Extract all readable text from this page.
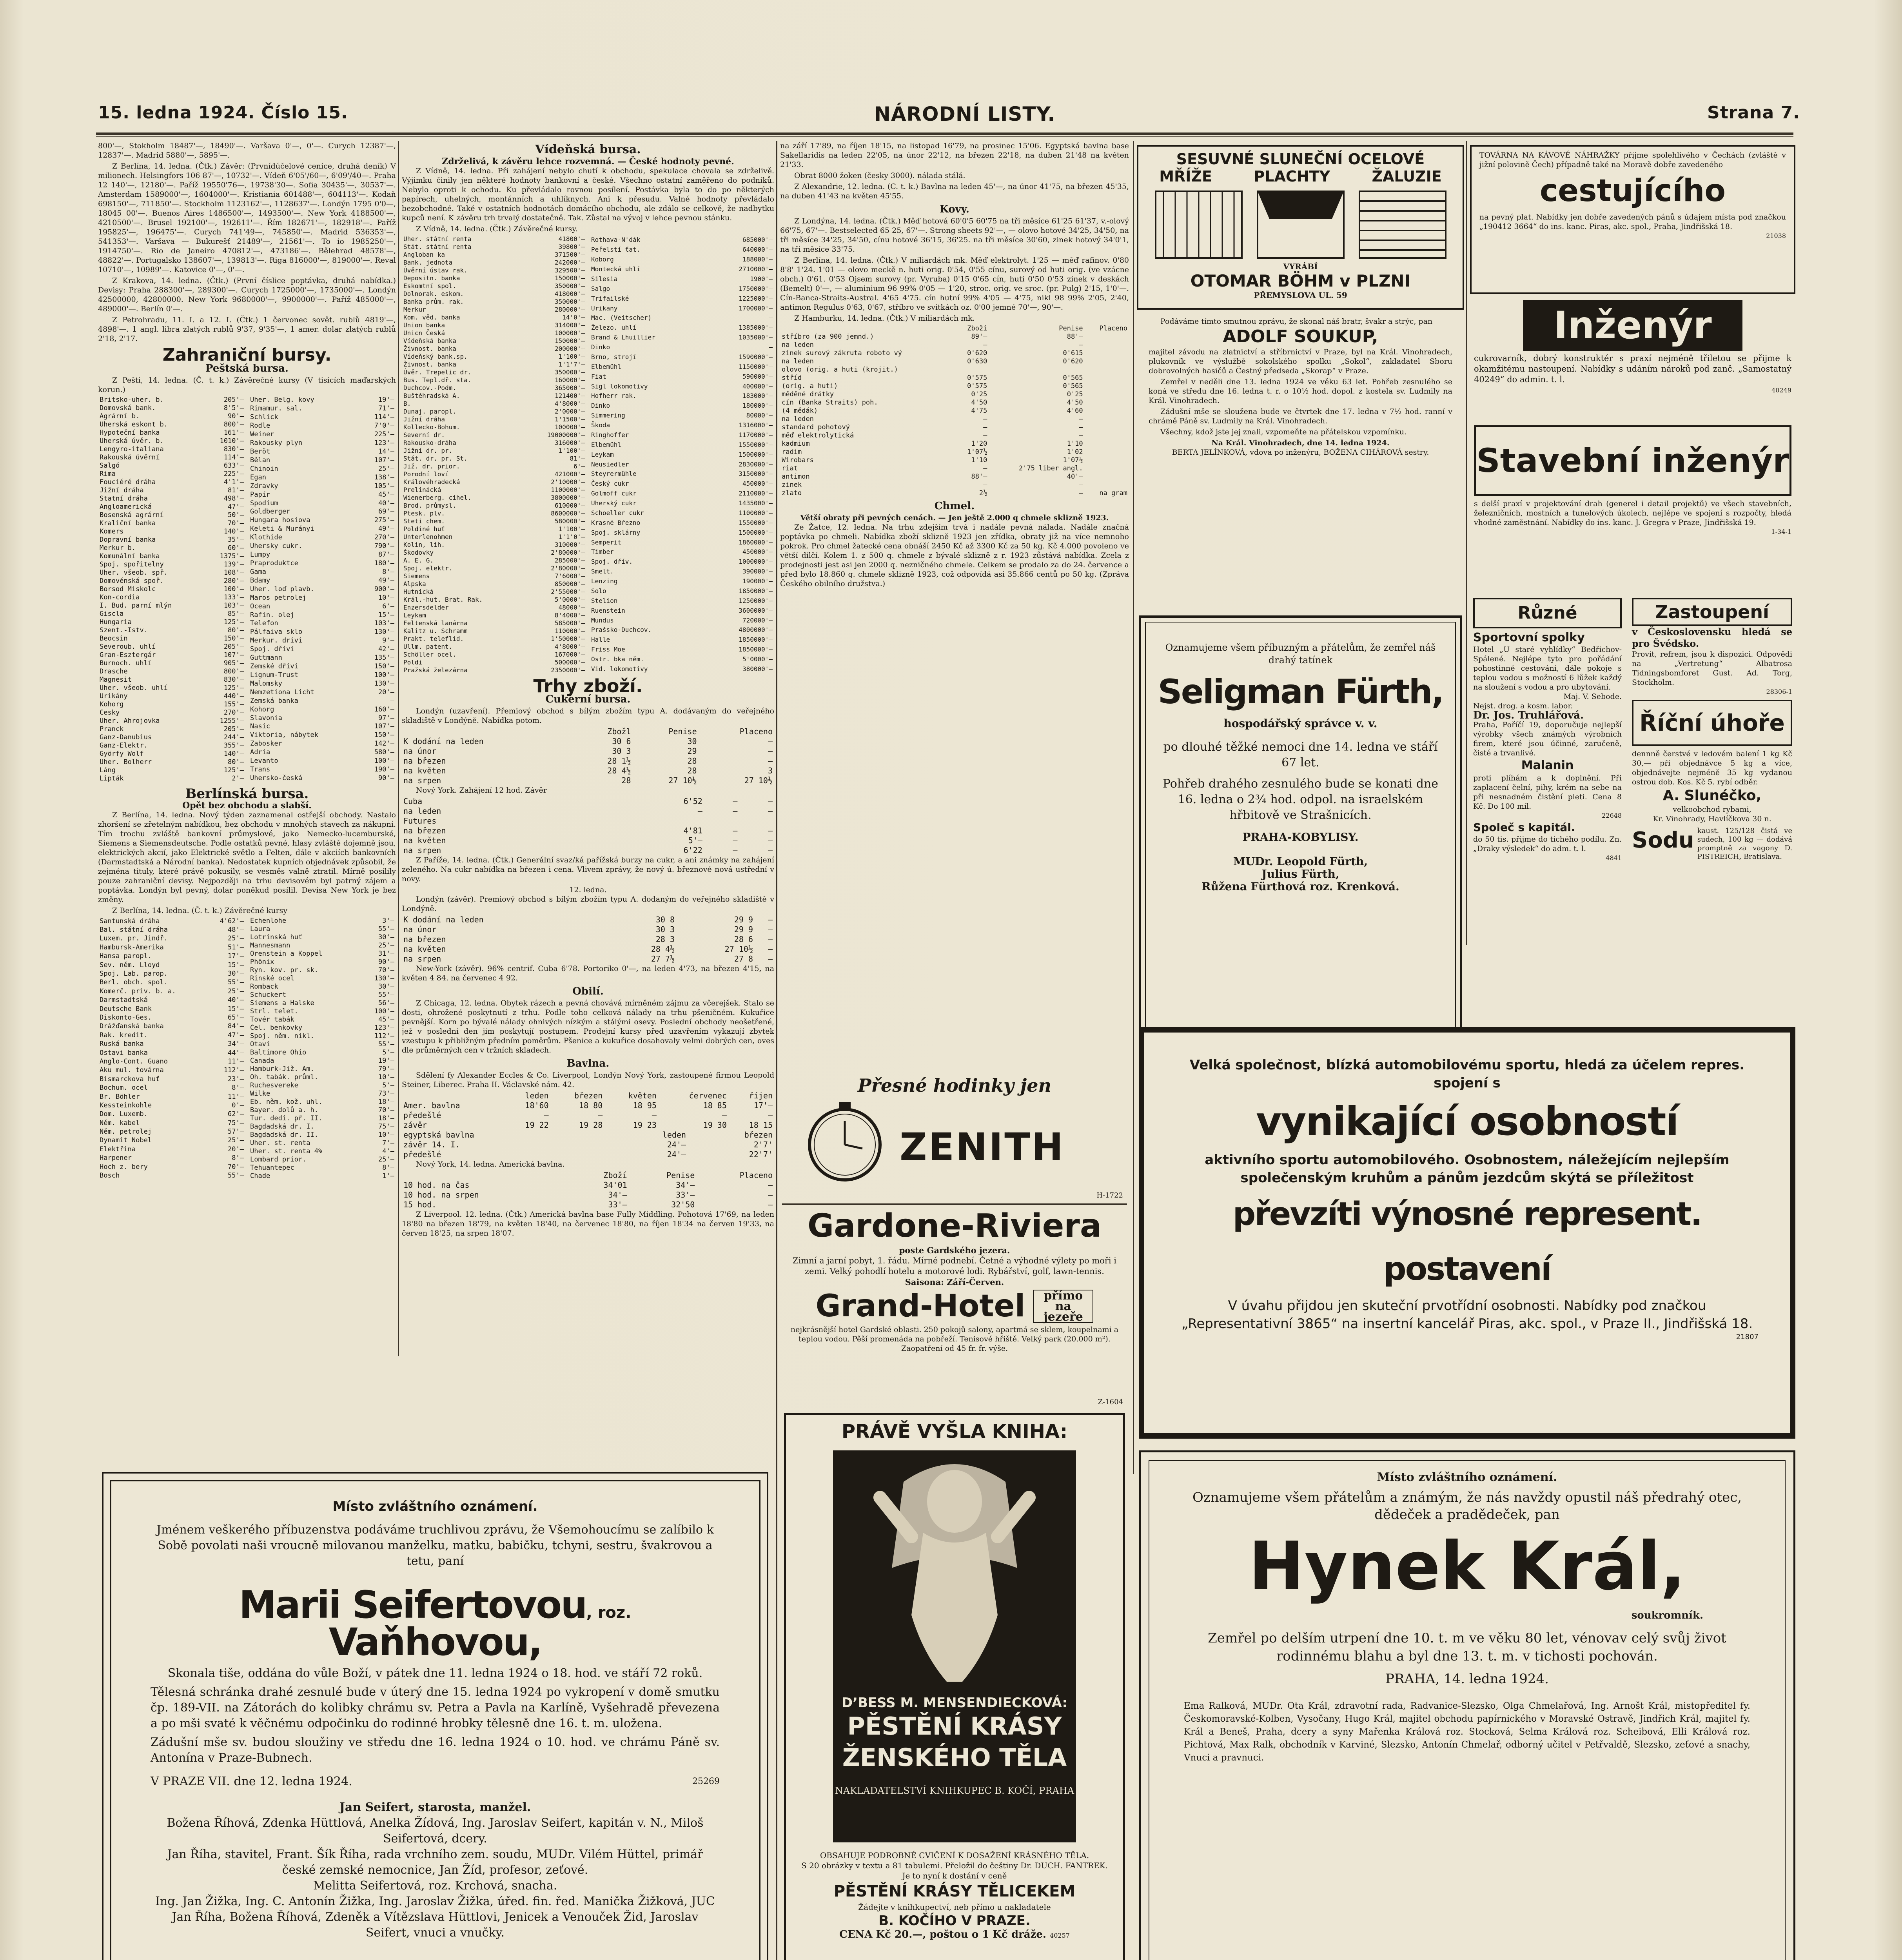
15. ledna 1924. Číslo 15.	NÁRODNÍ LISTY.	Strana 7.

800'—, Stokholm 18487'—, 18490'—. Varšava 0'—, 0'—. Curych 12387'—, 12837'—. Madrid 5880'—, 5895'—.

Z Berlína, 14. ledna. (Čtk.) Závěr: (Prvnídúčelové ceníce, druhá deník) V milionech. Helsingfors 106 87'—, 10732'—. Vídeň 6'05'/60—, 6'09'/40—. Praha 12 140'—, 12180'—. Paříž 19550'76—, 19738'30—. Sofia 30435'—, 30537'—. Amsterdam 1589000'—, 1604000'—. Kristiania 601488'—, 604113'—. Kodaň 698150'—, 711850'—. Stockholm 1123162'—, 1128637'—. Londýn 1795 0'0—, 18045 00'—. Buenos Aires 1486500'—, 1493500'—. New York 4188500'—, 4210500'—. Brusel 192100'—, 192611'—. Řím 182671'—, 182918'—. Paříž 195825'—, 196475'—. Curych 741'49—, 745850'—. Madrid 536353'—, 541353'—. Varšava — Bukurešť 21489'—, 21561'—. To io 1985250'—, 1914750'—. Rio de Janeiro 470812'—, 473186'—. Bělehrad 48578'—, 48822'—. Portugalsko 138607'—, 139813'—. Riga 816000'—, 819000'—. Reval 10710'—, 10989'—. Katovice 0'—, 0'—.

Z Krakova, 14. ledna. (Čtk.) (První číslice poptávka, druhá nabídka.) Devisy: Praha 288300'—, 289300'—. Curych 1725000'—, 1735000'—. Londýn 42500000, 42800000. New York 9680000'—, 9900000'—. Paříž 485000'—, 489000'—. Berlín 0'—.

Z Petrohradu, 11. I. a 12. I. (Čtk.) 1 červonec sovět. rublů 4819'—, 4898'—. 1 angl. libra zlatých rublů 9'37, 9'35'—, 1 amer. dolar zlatých rublů 2'18, 2'17.

Zahraniční bursy.
Peštská bursa.

Z Pešti, 14. ledna. (Č. t. k.) Závěrečné kursy (V tisících maďarských korun.)

Britsko-uher. b.	205'—
Domovská bank.	8'5'—
Agrární b.	90'—
Uherská eskont b.	800'—
Hypoteční banka	161'—
Uherská úvěr. b.	1010'—
Lengyro-italiana	830'—
Rakouská úvěrní	114'—
Salgó	633'—
Rima	225'—
Fouciéré dráha	4'1'—
Jižní dráha	81'—
Statní dráha	498'—
Angloamerická	47'—
Bosenská agrární	50'—
Kraliční banka	70'—
Komers	140'—
Dopravní banka	35'—
Merkur b.	60'—
Komunální banka	1375'—
Spoj. spořitelny	139'—
Uher. všeob. spř.	108'—
Domovénská spoř.	280'—
Borsod Miskolc	100'—
Kon-cordia	133'—
I. Bud. parní mlýn	103'—
Giscla	85'—
Hungaria	125'—
Szent.-Istv.	80'—
Beocsin	150'—
Severoub. uhlí	205'—
Gran-Esztergár	107'—
Burnoch. uhlí	905'—
Drasche	800'—
Magnesit	830'—
Uher. všeob. uhlí	125'—
Urikány	440'—
Kohorg	155'—
Česky	270'—
Uher. Ahrojovka	1255'—
Pranck	205'—
Ganz-Danubius	244'—
Ganz-Elektr.	355'—
Györfy Wolf	140'—
Uher. Bolherr	80'—
Láng	125'—
Lipták	2'—
Uher. Belg. kovy	19'—
Rimamur. sal.	71'—
Schlick	114'—
Rodle	7'0'—
Weiner	225'—
Rakousky plyn	123'—
Beröt	14'—
Bělan	107'—
Chinoin	25'—
Egan	138'—
Zdravky	105'—
Papír	45'—
Spodium	40'—
Goldberger	69'—
Hungara hosiova	275'—
Keleti & Murányi	49'—
Klothide	270'—
Uhersky cukr.	790'—
Lumpy	87'—
Praproduktce	180'—
Gama	8'—
Bdamy	49'—
Uher. loď plavb.	900'—
Maros petrolej	10'—
Ocean	6'—
Rafin. olej	15'—
Telefon	103'—
Pálfaiva sklo	130'—
Merkur. drivi	9'—
Spoj. dřívi	42'—
Guttmann	135'—
Zemské dřivi	150'—
Lignum-Trust	100'—
Malomsky	130'—
Nemzetiona Licht	20'—
Zemská banka	—
Kohorg	160'—
Slavonia	97'—
Nasic	107'—
Viktoria, nábytek	150'—
Zabosker	142'—
Adria	580'—
Levanto	100'—
Trans	190'—
Uhersko-česká	90'—
Berlínská bursa.
Opět bez obchodu a slabší.

Z Berlína, 14. ledna. Nový týden zaznamenal ostřejší obchody. Nastalo zhoršení se zřetelným nabídkou, bez obchodu v mnohých stavech za nákupní. Tím trochu zvláště bankovní průmyslové, jako Nemecko-lucemburské, Siemens a Siemensdeutsche. Podle ostatků pevné, hlasy zvláště dojemně jsou, elektrických akcií, jako Elektrické světlo a Felten, dále v akciích bankovních (Darmstadtská a Národní banka). Nedostatek kupních objednávek způsobil, že zejména tituly, které právě pokusily, se vesměs valně ztratil. Mírně posílily pouze zahraniční devisy. Nejpozději na trhu devisovém byl patrný zájem a poptávka. Londýn byl pevný, dolar poněkud posílil. Devisa New York je bez změny.

Z Berlína, 14. ledna. (Č. t. k.) Závěrečné kursy

Santunská dráha	4'62'—
Bal. státní dráha	48'—
Luxem. pr. Jindř.	25'—
Hambursk-Amerika	51'—
Hansa paropl.	17'—
Sev. něm. Lloyd	15'—
Spoj. Lab. parop.	30'—
Berl. obch. spol.	55'—
Komerč. priv. b. a.	25'—
Darmstadtská	40'—
Deutsche Bank	15'—
Diskonto-Ges.	65'—
Drážďanská banka	84'—
Rak. kredit.	47'—
Ruská banka	34'—
Ostavi banka	44'—
Anglo-Cont. Guano	11'—
Aku mul. továrna	112'—
Bismarckova huť	23'—
Bochum. ocel	8'—
Br. Böhler	11'—
Kessteinkohle	0'—
Dom. Luxemb.	62'—
Něm. kabel	75'—
Něm. petrolej	57'—
Dynamit Nobel	25'—
Elektřina	20'—
Harpener	8'—
Hoch z. bery	70'—
Bosch	55'—
Echenlohe	3'—
Laura	55'—
Lotrinská huť	30'—
Mannesmann	25'—
Orenstein a Koppel	31'—
Phönix	90'—
Ryn. kov. pr. sk.	70'—
Rinské ocel	130'—
Romback	30'—
Schuckert	55'—
Siemens a Halske	56'—
Strl. telet.	100'—
Tovér tabák	45'—
Čel. benkovky	123'—
Spoj. něm. nikl.	112'—
Otavi	55'—
Baltimore Ohio	5'—
Canada	19'—
Hamburk-Již. Am.	79'—
Oh. tabák. průml.	10'—
Ruchesvereke	5'—
Wilke	73'—
Eb. něm. kož. uhl.	18'—
Bayer. dolů a. h.	70'—
Tur. dedí. př. II.	18'—
Bagdadská dr. I.	75'—
Bagdadská dr. II.	10'—
Uher. st. renta	7'—
Uher. st. renta 4%	4'—
Lombard prior.	25'—
Tehuantepec	8'—
Chade	1'—
Vídeňská bursa.
Zdrželivá, k závěru lehce rozvemná. — České hodnoty pevné.

Z Vídně, 14. ledna. Při zahájení nebylo chutí k obchodu, spekulace chovala se zdrželivě. Výjimku činily jen některé hodnoty bankovní a české. Všechno ostatní zaměřeno do podniků. Nebylo oproti k ochodu. Ku převládalo rovnou posílení. Postávka byla to do po některých papírech, uhelných, montánních a uhlíknych. Ani k přesudu. Valné hodnoty převládalo bezobchodné. Také v ostatních hodnotách domácího obchodu, ale zdálo se celkově, že nadbytku kupců není. K závěru trh trvalý dostatečně. Tak. Zůstal na vývoj v lehce pevnou stánku.

Z Vídně, 14. ledna. (Čtk.) Závěrečné kursy.

Uher. státní renta	41800'—
Stát. státní renta	39800'—
Angloban ka	371500'—
Bank. jednota	242000'—
Úvěrní ústav rak.	329500'—
Depositn. banka	150000'—
Eskomtní spol.	350000'—
Dolnorak. eskom.	418000'—
Banka prům. rak.	350000'—
Merkur	280000'—
Kom. věd. banka	14'0'—
Union banka	314000'—
Unicn Česká	100000'—
Vídeňská banka	150000'—
Živnost. banka	200000'—
Vídeňský bank.sp.	1'100'—
Živnost. banka	1'1'7'—
Úvěr. Trepelic dr.	350000'—
Bus. Tepl.dř. sta.	160000'—
Duchcov.-Podm.	365000'—
Buštěhradská A.	121400'—
B.	4'8000'—
Dunaj. paropl.	2'0000'—
Jižní dráha	1'1500'—
Kollecko-Bohum.	100000'—
Severní dr.	19000000'—
Rakousko-dráha	316000'—
Jižní dr. pr.	1'100'—
Stát. dr. pr. St.	81'—
Již. dr. prior.	6'—
Porodní loví	421000'—
Královéhradecká	2'10000'—
Prelinácká	1100000'—
Wienerberg. cihel.	3800000'—
Brod. průmysl.	610000'—
Ptesk. plv.	8600000'—
Steti chem.	580000'—
Poldiné huť	1'100'—
Unterlenohmen	1'1'0'—
Kolin, lih.	310000'—
Škodovky	2'80000'—
A. E. G.	285000'—
Spoj. elektr.	2'80000'—
Siemens	7'6000'—
Alpska	850000'—
Hutnická	2'55000'—
Král.-hut. Brat. Rak.	5'0000'—
Enzersdelder	48000'—
Leykam	8'4000'—
Feltenská lanárna	585000'—
Kalitz u. Schramm	110000'—
Prakt. teleflíd.	1'50000'—
Ullm. patent.	4'8000'—
Schöller ocel.	167000'—
Poldi	500000'—
Pražská železárna	2350000'—
Rothava-N'dák	685000'—
Peřelstí ťat.	640000'—
Koborg	188000'—
Montecká uhlí	2710000'—
Silesia	1900'—
Salgo	1750000'—
Trifailské	1225000'—
Urikany	1700000'—
Mac. (Veitscher)	—
Železo. uhlí	1385000'—
Brand & Lhuillier	1035000'—
Dinko	—
Brno, strojí	1590000'—
Elbemühl	1150000'—
Fiat	590000'—
Sigl lokomotivy	400000'—
Hofherr rak.	183000'—
Dinko	180000'—
Simmering	80000'—
Škoda	1316000'—
Ringhoffer	1170000'—
Elbemühl	1550000'—
Leykam	1500000'—
Neusiedler	2830000'—
Steyrermühle	3150000'—
Český cukr	450000'—
Golmoff cukr	2110000'—
Uherský cukr	1435000'—
Schoeller cukr	1100000'—
Krasné Březno	1550000'—
Spoj. sklárny	1500000'—
Semperit	1860000'—
Timber	450000'—
Spoj. dřív.	1000000'—
Smelt.	390000'—
Lenzing	190000'—
Solo	1850000'—
Stelion	1250000'—
Ruenstein	3600000'—
Mundus	720000'—
Prašsko-Duchcov.	4800000'—
Halle	1850000'—
Friss Moe	1850000'—
Ostr. bka něm.	5'0000'—
Vid. lokomotivy	380000'—
Trhy zboží.
Cukerní bursa.

Londýn (uzavření). Přemiový obchod s bílým zbožím typu A. dodávaným do veřejného skladiště v Londýně. Nabídka potom.

	Zbožl	Penise	Placeno
K dodání na leden	30 6	30	—
na únor	30 3	29	—
na březen	28 1½	28	—
na květen	28 4½	28	3
na srpen	28	27 10½	27 10½

Nový York. Zahájení 12 hod. Závěr

Cuba	6'52	—	—
na leden	—	—	—
Futures			
na březen	4'81	—	—
na květen	5'—	—	—
na srpen	6'22	—	—

Z Paříže, 14. ledna. (Čtk.) Generální svaz/ká pařížská burzy na cukr, a ani známky na zahájení zeleného. Na cukr nabídka na březen i cena. Vlivem zprávy, že nový ú. březnové nová ustřední v novy.

12. ledna.

Londýn (závěr). Premiový obchod s bílým zbožím typu A. dodaným do veřejného skladiště v Londýně.

K dodání na leden	30 8	29 9	—
na únor	30 3	29 9	—
na březen	28 3	28 6	—
na květen	28 4½	27 10½	—
na srpen	27 7½	27 8	—

New-York (závěr). 96% centrif. Cuba 6'78. Portoriko 0'—, na leden 4'73, na březen 4'15, na květen 4 84. na červenec 4 92.

Obilí.

Z Chicaga, 12. ledna. Obytek rázech a pevná chovává mírněném zájmu za včerejšek. Stalo se dosti, ohrožené poskytnutí z trhu. Podle toho celková nálady na trhu pšeničném. Kukuřice pevnější. Korn po bývalé nálady ohnivých nízkým a stálými osevy. Poslední obchody neošetřené, jež v poslední den jim poskytují postupem. Prodejní kursy před uzavřením vykazují zbytek vzestupu k přibližným předním poměrům. Pšenice a kukuřice dosahovaly velmi dobrých cen, oves dle průměrných cen v tržních skladech.

Bavlna.

Sdělení fy Alexander Eccles & Co. Liverpool, Londýn Nový York, zastoupené firmou Leopold Steiner, Liberec. Praha II. Václavské nám. 42.

	leden	březen	květen	červenec	říjen
Amer. bavlna	18'60	18 80	18 95	18 85	17'—
předešlé	—	—	—	—	—
závěr	19 22	19 28	19 23	19 30	18 15
egyptská bavlna		leden	březen
závěr 14. I.		24'—	2'7'
předešlé		24'—	22'7'

Nový York, 14. ledna. Americká bavlna.

	Zboží	Penise	Placeno
10 hod. na čas	34'01	34'—	—
10 hod. na srpen	34'—	33'—	—
15 hod.	33'—	32'50	—

Z Liverpool. 12. ledna. (Čtk.) Americká bavlna base Fully Middling. Pohotová 17'69, na leden 18'80 na březen 18'79, na květen 18'40, na červenec 18'80, na říjen 18'34 na červen 19'33, na červen 18'25, na srpen 18'07.

na září 17'89, na říjen 18'15, na listopad 16'79, na prosinec 15'06. Egyptská bavlna base Sakellaridis na leden 22'05, na únor 22'12, na březen 22'18, na duben 21'48 na květen 21'33.

Obrat 8000 žoken (česky 3000). nálada stálá.

Z Alexandrie, 12. ledna. (C. t. k.) Bavlna na leden 45'—, na únor 41'75, na březen 45'35, na duben 41'43 na květen 45'55.

Kovy.

Z Londýna, 14. ledna. (Čtk.) Měď hotová 60'0'5 60'75 na tři měsíce 61'25 61'37, v.-olový 66'75, 67'—. Bestselected 65 25, 67'—. Strong sheets 92'—, — olovo hotové 34'25, 34'50, na tři měsíce 34'25, 34'50, cínu hotové 36'15, 36'25. na tři měsíce 30'60, zinek hotový 34'0'1, na tři měsíce 33'75.

Z Berlína, 14. ledna. (Čtk.) V miliardách mk. Měď elektrolyt. 1'25 — měď rafinov. 0'80 8'8' 1'24. 1'01 — olovo meckě n. huti orig. 0'54, 0'55 cínu, surový od huti orig. (ve vzácne obch.) 0'61. 0'53 Ojsem surovy (pr. Vyruba) 0'15 0'65 cín, huti 0'50 0'53 zinek v deskách (Bemelt) 0'—, — aluminium 96 99% 0'05 — 1'20, stroc. orig. ve sroc. (pr. Pulg) 2'15, 1'0'—. Cín-Banca-Straits-Austral. 4'65 4'75. cín hutní 99% 4'05 — 4'75, nikl 98 99% 2'05, 2'40, antimon Regulus 0'63, 0'67, stříbro ve svitkách oz. 0'00 jemné 70'—, 90'—.

Z Hamburku, 14. ledna. (Čtk.) V miliardách mk.

	Zboží	Penise	Placeno
stříbro (za 900 jemnd.)	89'—	88'—	
na leden	—	—	
zinek surový zákruta roboto vý	0'620	0'615	
na leden	0'630	0'620	
olovo (orig. a huti (krojit.)			
stříd	0'575	0'565	
(orig. a huti)	0'575	0'565	
měděné drátky	0'25	0'25	
cín (Banka Straits) poh.	4'50	4'50	
(4 mědák)	4'75	4'60	
na leden	—	—	
standard pohotový	—	—	
měď elektrolytická	—	—	
kadmium	1'20	1'10	
radim	1'07½	1'02	
Wirobars	1'10	1'07½	
riat	—	2'75 liber angl.	
antimon	88'—	40'—	
zinek	—	—	
zlato	2½	—	na gram
Chmel.
Větší obraty při pevných cenách. — Jen ještě 2.000 q chmele sklizně 1923.

Ze Žatce, 12. ledna. Na trhu zdejším trvá i nadále pevná nálada. Nadále značná poptávka po chmeli. Nabídka zboží sklizně 1923 jen zřídka, obraty již na více nemnoho pokrok. Pro chmel žatecké cena obnáší 2450 Kč až 3300 Kč za 50 kg. Kč 4.000 povoleno ve větší dílčí. Kolem 1. z 500 q. chmele z bývalé sklizně z r. 1923 zůstává nabídka. Zcela z prodejnosti jest asi jen 2000 q. nezničného chmele. Celkem se prodalo za do 24. července a před bylo 18.860 q. chmele sklizně 1923, což odpovídá asi 35.866 centů po 50 kg. (Zpráva Českého obilního družstva.)

SESUVNÉ SLUNEČNÍ OCELOVÉ
MŘÍŽE	PLACHTY	ŽALUZIE
VYRÁBÍ
OTOMAR BÖHM v PLZNI
PŘEMYSLOVA UL. 59

Podáváme tímto smutnou zprávu, že skonal náš bratr, švakr a strýc, pan

ADOLF SOUKUP,

majitel závodu na zlatnictví a stříbrnictví v Praze, byl na Král. Vinohradech, plukovník ve výslužbě sokolského spolku „Sokol“, zakladatel Sboru dobrovolných hasičů a Čestný předseda „Skorap“ v Praze.

Zemřel v neděli dne 13. ledna 1924 ve věku 63 let. Pohřeb zesnulého se koná ve středu dne 16. ledna t. r. o 10½ hod. dopol. z kostela sv. Ludmily na Král. Vinohradech.

Zádušní mše se sloužena bude ve čtvrtek dne 17. ledna v 7½ hod. ranní v chrámě Páně sv. Ludmily na Král. Vinohradech.

Všechny, kdož jste jej znali, vzpomeňte na přátelskou vzpomínku.

Na Král. Vinohradech, dne 14. ledna 1924.
BERTA JELÍNKOVÁ, vdova po inženýru, BOŽENA CIHÁROVÁ sestry.
Oznamujeme všem příbuzným a přátelům, že zemřel náš drahý tatínek
Seligman Fürth,
hospodářský správce v. v.
po dlouhé těžké nemoci dne 14. ledna ve stáří 67 let.
Pohřeb drahého zesnulého bude se konati dne 16. ledna o 2¾ hod. odpol. na israelském hřbitově ve Strašnicích.
PRAHA-KOBYLISY.
MUDr. Leopold Fürth,
Julius Fürth,
Růžena Fürthová roz. Krenková.
Přesné hodinky jen
ZENITH
H-1722
Gardone-Riviera
poste Gardského jezera.
Zimní a jarní pobyt, 1. řádu. Mírné podnebí. Četné a výhodné výlety po moři i zemi. Velký pohodlí hotelu a motorové lodi. Rybářství, golf, lawn-tennis.
Saisona: Září-Červen.
Grand-Hotel	přímo na jezeře
nejkrásnější hotel Gardské oblasti. 250 pokojů salony, apartmá se sklem, koupelnami a teplou vodou. Pěší promenáda na pobřeží. Tenisové hřiště. Velký park (20.000 m²). Zaopatření od 45 fr. fr. výše.
Z-1604
PRÁVĚ VYŠLA KNIHA:
DʼBESS M. MENSENDIECKOVÁ:
PĚSTĚNÍ KRÁSY
ŽENSKÉHO TĚLA
NAKLADATELSTVÍ KNIHKUPEC B. KOČÍ, PRAHA
OBSAHUJE PODROBNÉ CVIČENÍ K DOSAŽENÍ KRÁSNÉHO TĚLA.
S 20 obrázky v textu a 81 tabulemi. Přeložil do češtiny Dr. DUCH. FANTREK.
Je to nyní k dostání v ceně
PĚSTĚNÍ KRÁSY TĚLICEKEM
Žádejte v knihkupectví, neb přímo u nakladatele
B. KOČÍHO V PRAZE.
CENA Kč 20.—, poštou o 1 Kč dráže. 40257
TOVÁRNA NA KÁVOVÉ NÁHRAŽKY přijme spolehlivého v Čechách (zvláště v jižní polovině Čech) případně také na Moravě dobře zavedeného
cestujícího
na pevný plat. Nabídky jen dobře zavedených pánů s údajem místa pod značkou „190412 3664“ do ins. kanc. Piras, akc. spol., Praha, Jindřišská 18.
21038
Inženýr
cukrovarník, dobrý konstruktér s praxí nejméně třiletou se přijme k okamžitému nastoupení. Nabídky s udáním nároků pod zanč. „Samostatný 40249“ do admin. t. l.
40249
Stavební inženýr
s delší praxí v projektování drah (generel i detail projektů) ve všech stavebních, železničních, mostních a tunelových úkolech, nejlépe ve spojení s rozpočty, hledá vhodné zaměstnání. Nabídky do ins. kanc. J. Gregra v Praze, Jindřišská 19.
1-34-1
Různé
Sportovní spolky
Hotel „U staré vyhlídky“ Bedřichov-Spálené. Nejlépe tyto pro pořádání pohostinné cestování, dále pokoje s teplou vodou s možností 6 lůžek každý na sloužení s vodou a pro ubytování.
Maj. V. Sebode.
Nejst. drog. a kosm. labor.
Dr. Jos. Truhlářová.
Praha, Poříčí 19, doporučuje nejlepší výrobky všech známých výrobních firem, které jsou účinné, zaručeně, čisté a trvanlivé.
Malanin
proti plíhám a k doplnění. Při zaplacení čelní, pihy, krém na sebe na při nesnadném čistění pleti. Cena 8 Kč. Do 100 mil.
22648
Společ s kapitál.
do 50 tis. přijme do tichého podílu. Zn. „Draky výsledek“ do adm. t. l.
4841
Zastoupení
v Československu hledá se pro Švédsko.
Provit, refrem, jsou k dispozici. Odpovědi na „Vertretung“ Albatrosa Tidningsbomforet Gust. Ad. Torg, Stockholm.
28306-1
Říční úhoře
dennně čerstvé v ledovém balení 1 kg Kč 30,— při objednávce 5 kg a více, objednávejte nejméně 35 kg vydanou ostrou dob. Kos. Kč 5. rybí odběr.
A. Slunéčko,
velkoobchod rybami,
Kr. Vinohrady, Havlíčkova 30 n.
Sodu kaust. 125/128 čistá ve sudech, 100 kg — dodává promptně za vagony D. PISTREICH, Bratislava.
Velká společnost, blízká automobilovému sportu, hledá za účelem repres. spojení s
vynikající osobností
aktivního sportu automobilového. Osobnostem, náležejícím nejlepším společenským kruhům a pánům jezdcům skýtá se příležitost
převzíti výnosné represent. postavení
V úvahu přijdou jen skuteční prvotřídní osobnosti. Nabídky pod značkou „Representativní 3865“ na insertní kancelář Piras, akc. spol., v Praze II., Jindřišská 18.
21807
Místo zvláštního oznámení.
Oznamujeme všem přátelům a známým, že nás navždy opustil náš předrahý otec, dědeček a pradědeček, pan
Hynek Král,
soukromník.
Zemřel po delším utrpení dne 10. t. m ve věku 80 let, vénovav celý svůj život rodinnému blahu a byl dne 13. t. m. v tichosti pochován.
PRAHA, 14. ledna 1924.
Ema Ralková, MUDr. Ota Král, zdravotní rada, Radvanice-Slezsko, Olga Chmelařová, Ing. Arnošt Král, mistopředitel fy. Českomoravské-Kolben, Vysočany, Hugo Král, majitel obchodu papírnického v Moravské Ostravě, Jindřich Král, majitel fy. Král a Beneš, Praha, dcery a syny Mařenka Králová roz. Stocková, Selma Králová roz. Scheibová, Elli Králová roz. Pichtová, Max Ralk, obchodník v Karviné, Slezsko, Antonín Chmelař, odborný učitel v Petřvaldě, Slezsko, zeťové a snachy, Vnuci a pravnuci.
Místo zvláštního oznámení.
Jménem veškerého příbuzenstva podáváme truchlivou zprávu, že Všemohoucímu se zalíbilo k Sobě povolati naši vroucně milovanou manželku, matku, babičku, tchyni, sestru, švakrovou a tetu, paní
Marii Seifertovou, roz. Vaňhovou,
Skonala tiše, oddána do vůle Boží, v pátek dne 11. ledna 1924 o 18. hod. ve stáří 72 roků.
Tělesná schránka drahé zesnulé bude v úterý dne 15. ledna 1924 po vykropení v domě smutku čp. 189-VII. na Zátorách do kolibky chrámu sv. Petra a Pavla na Karlíně, Vyšehradě převezena a po mši svaté k věčnému odpočinku do rodinné hrobky tělesně dne 16. t. m. uložena.
Zádušní mše sv. budou sloužiny ve středu dne 16. ledna 1924 o 10. hod. ve chrámu Páně sv. Antonína v Praze-Bubnech.
V PRAZE VII. dne 12. ledna 1924.	25269
Jan Seifert, starosta, manžel.
Božena Říhová, Zdenka Hüttlová, Anelka Žídová, Ing. Jaroslav Seifert, kapitán v. N., Miloš Seifertová, dcery.
Jan Říha, stavitel, Frant. Šík Říha, rada vrchního zem. soudu, MUDr. Vilém Hüttel, primář české zemské nemocnice, Jan Žíd, profesor, zeťové.
Melitta Seifertová, roz. Krchová, snacha.
Ing. Jan Žižka, Ing. C. Antonín Žižka, Ing. Jaroslav Žižka, úřed. fin. řed. Manička Žižková, JUC Jan Říha, Božena Říhová, Zdeněk a Vítězslava Hüttlovi, Jenicek a Venouček Žid, Jaroslav Seifert, vnuci a vnučky.
